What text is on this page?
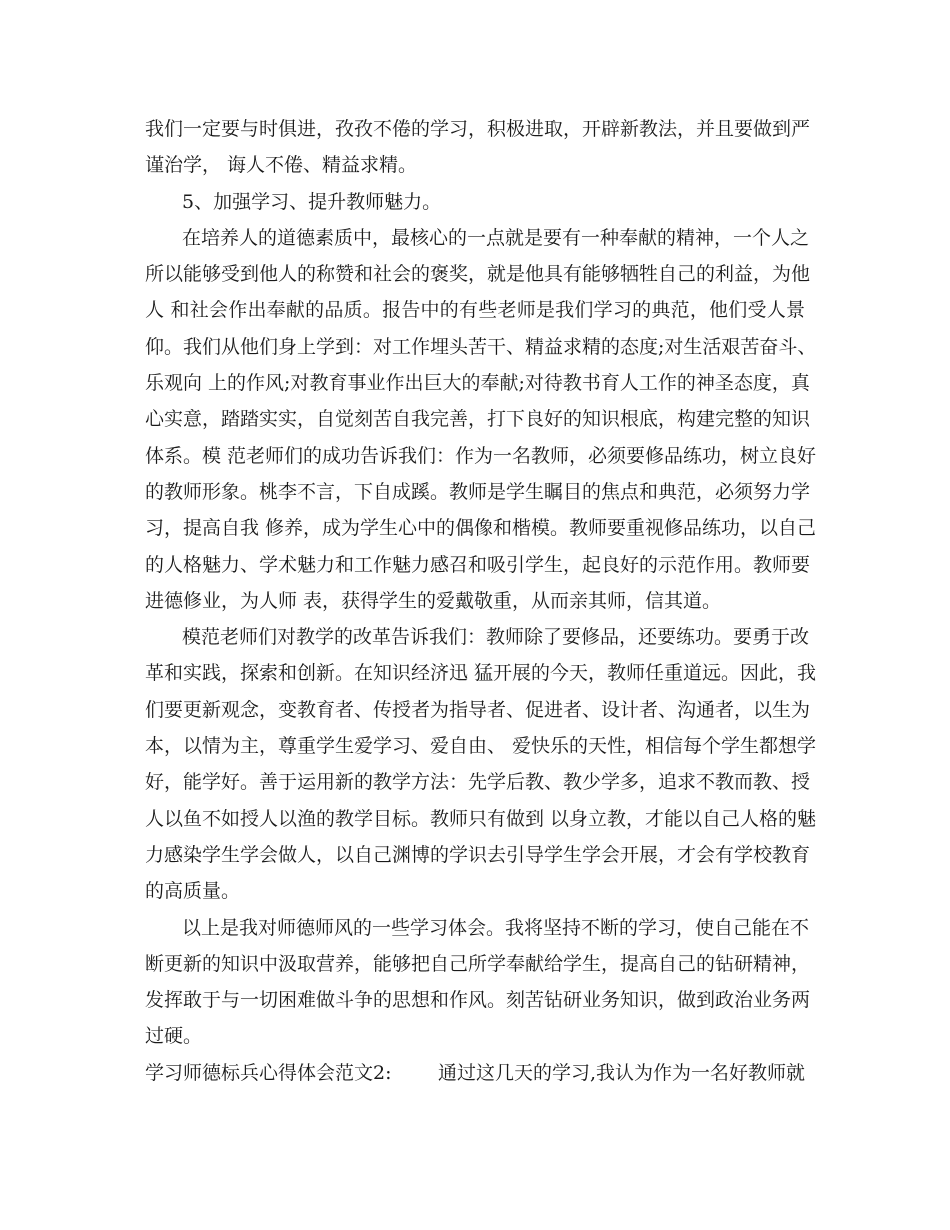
我们一定要与时俱进，孜孜不倦的学习，积极进取，开辟新教法，并且要做到严
谨治学， 诲人不倦、精益求精。
5、加强学习、提升教师魅力。
在培养人的道德素质中，最核心的一点就是要有一种奉献的精神，一个人之
所以能够受到他人的称赞和社会的褒奖，就是他具有能够牺牲自己的利益，为他
人 和社会作出奉献的品质。报告中的有些老师是我们学习的典范，他们受人景
仰。我们从他们身上学到：对工作埋头苦干、精益求精的态度;对生活艰苦奋斗、
乐观向 上的作风;对教育事业作出巨大的奉献;对待教书育人工作的神圣态度，真
心实意，踏踏实实，自觉刻苦自我完善，打下良好的知识根底，构建完整的知识
体系。模 范老师们的成功告诉我们：作为一名教师，必须要修品练功，树立良好
的教师形象。桃李不言，下自成蹊。教师是学生瞩目的焦点和典范，必须努力学
习，提高自我 修养，成为学生心中的偶像和楷模。教师要重视修品练功，以自己
的人格魅力、学术魅力和工作魅力感召和吸引学生，起良好的示范作用。教师要
进德修业，为人师 表，获得学生的爱戴敬重，从而亲其师，信其道。
模范老师们对教学的改革告诉我们：教师除了要修品，还要练功。要勇于改
革和实践，探索和创新。在知识经济迅 猛开展的今天，教师任重道远。因此，我
们要更新观念，变教育者、传授者为指导者、促进者、设计者、沟通者，以生为
本，以情为主，尊重学生爱学习、爱自由、 爱快乐的天性，相信每个学生都想学
好，能学好。善于运用新的教学方法：先学后教、教少学多，追求不教而教、授
人以鱼不如授人以渔的教学目标。教师只有做到 以身立教，才能以自己人格的魅
力感染学生学会做人，以自己渊博的学识去引导学生学会开展，才会有学校教育
的高质量。
以上是我对师德师风的一些学习体会。我将坚持不断的学习，使自己能在不
断更新的知识中汲取营养，能够把自己所学奉献给学生，提高自己的钻研精神，
发挥敢于与一切困难做斗争的思想和作风。刻苦钻研业务知识，做到政治业务两
过硬。
学习师德标兵心得体会范文2: 通过这几天的学习,我认为作为一名好教师就
